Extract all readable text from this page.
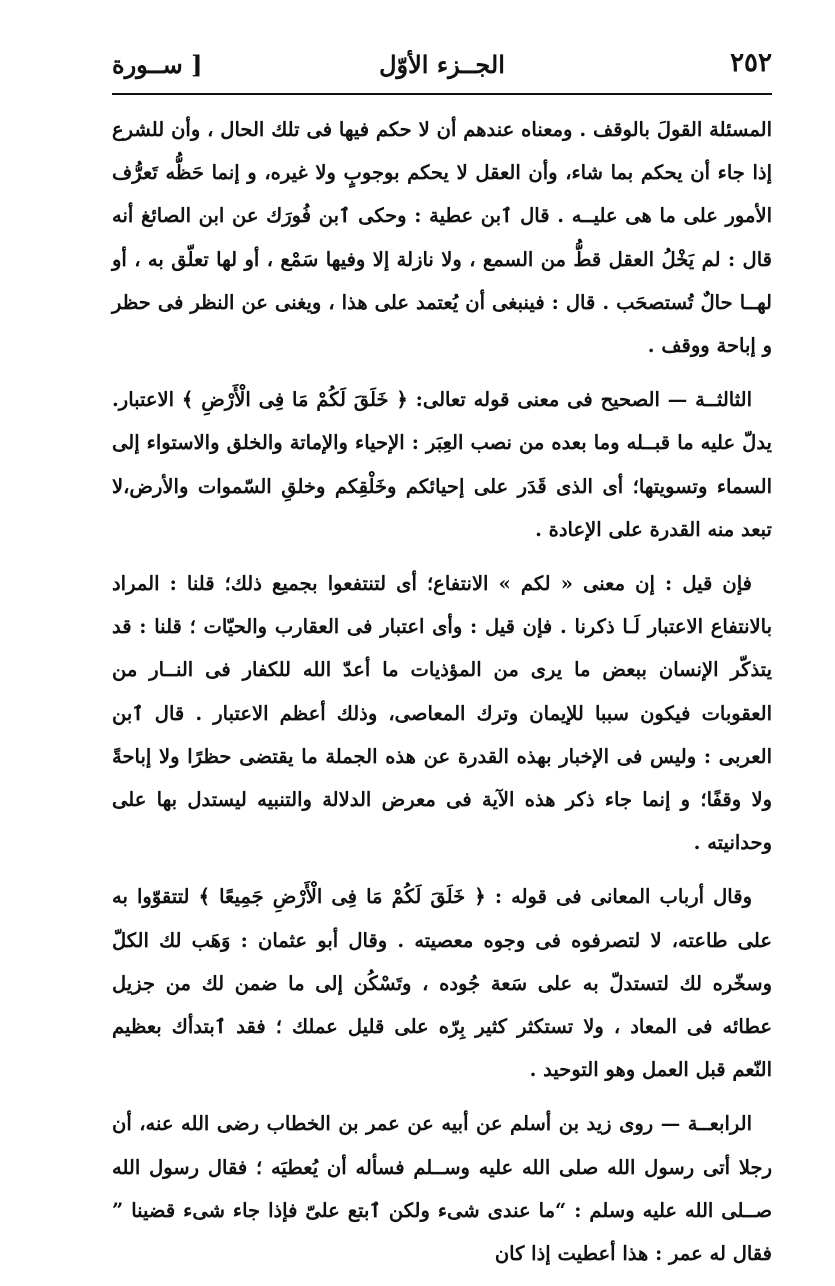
٢٥٢
الجــزء الأوّل
[ ســورة

المسئلة القولَ بالوقف . ومعناه عندهم أن لا حكم فيها فى تلك الحال ، وأن للشرع إذا جاء أن يحكم بما شاء، وأن العقل لا يحكم بوجوبٍ ولا غيره، و إنما حَظُّه تَعرُّف الأمور على ما هى عليــه . قال ٱبن عطية : وحكى ٱبن فُورَك عن ابن الصائغ أنه قال : لم يَخْلُ العقل قطُّ من السمع ، ولا نازلة إلا وفيها سَمْع ، أو لها تعلّق به ، أو لهــا حالٌ تُستصحَب . قال : فينبغى أن يُعتمد على هذا ، ويغنى عن النظر فى حظر و إباحة ووقف .

الثالثــة — الصحيح فى معنى قوله تعالى: ﴿ خَلَقَ لَكُمْ مَا فِى الْأَرْضِ ﴾ الاعتبار. يدلّ عليه ما قبــله وما بعده من نصب العِبَر : الإحياء والإماتة والخلق والاستواء إلى السماء وتسويتها؛ أى الذى قَدَر على إحيائكم وخَلْقِكم وخلقِ السّموات والأرض،لا تبعد منه القدرة على الإعادة .

فإن قيل : إن معنى « لكم » الانتفاع؛ أى لتنتفعوا بجميع ذلك؛ قلنا : المراد بالانتفاع الاعتبار لَـا ذكرنا . فإن قيل : وأى اعتبار فى العقارب والحيّات ؛ قلنا : قد يتذكّر الإنسان ببعض ما يرى من المؤذيات ما أعدّ الله للكفار فى النــار من العقوبات فيكون سببا للإيمان وترك المعاصى، وذلك أعظم الاعتبار . قال ٱبن العربى : وليس فى الإخبار بهذه القدرة عن هذه الجملة ما يقتضى حظرًا ولا إباحةً ولا وقفًا؛ و إنما جاء ذكر هذه الآية فى معرض الدلالة والتنبيه ليستدل بها على وحدانيته .

وقال أرباب المعانى فى قوله : ﴿ خَلَقَ لَكُمْ مَا فِى الْأَرْضِ جَمِيعًا ﴾ لتتقوّوا به على طاعته، لا لتصرفوه فى وجوه معصيته . وقال أبو عثمان : وَهَب لك الكلّ وسخّره لك لتستدلّ به على سَعة جُوده ، وتَسْكُن إلى ما ضمن لك من جزيل عطائه فى المعاد ، ولا تستكثر كثير بِرّه على قليل عملك ؛ فقد ٱبتدأك بعظيم النّعم قبل العمل وهو التوحيد .

الرابعــة — روى زيد بن أسلم عن أبيه عن عمر بن الخطاب رضى الله عنه، أن رجلا أتى رسول الله صلى الله عليه وســلم فسأله أن يُعطيَه ؛ فقال رسول الله صــلى الله عليه وسلم : “ما عندى شىء ولكن ٱبتع علىّ فإذا جاء شىء قضينا ” فقال له عمر : هذا أعطيت إذا كان
